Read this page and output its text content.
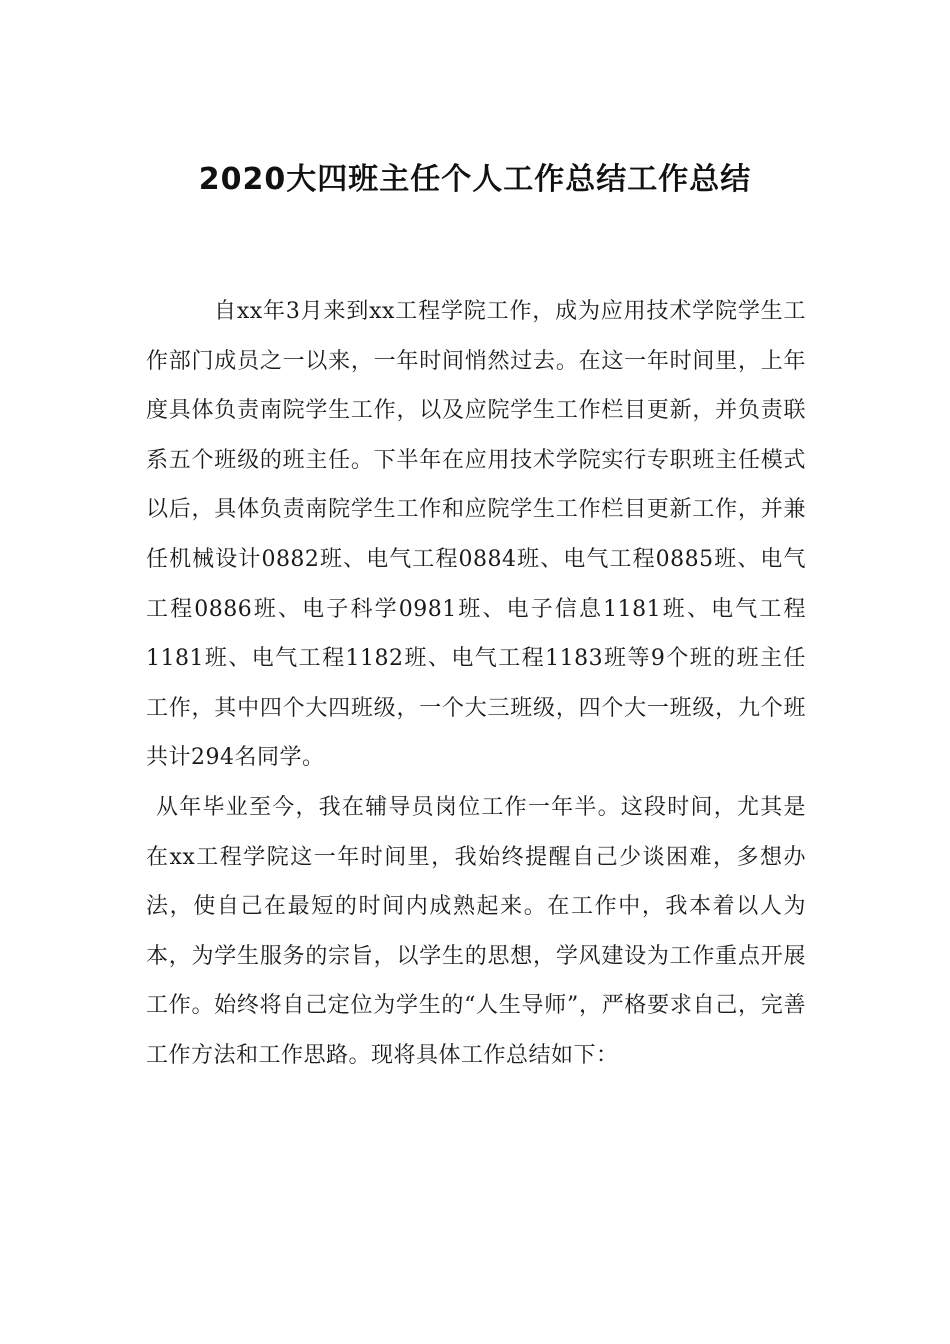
2020大四班主任个人工作总结工作总结

自xx年3月来到xx工程学院工作，成为应用技术学院学生工作部门成员之一以来，一年时间悄然过去。在这一年时间里，上年度具体负责南院学生工作，以及应院学生工作栏目更新，并负责联系五个班级的班主任。下半年在应用技术学院实行专职班主任模式以后，具体负责南院学生工作和应院学生工作栏目更新工作，并兼任机械设计0882班、电气工程0884班、电气工程0885班、电气工程0886班、电子科学0981班、电子信息1181班、电气工程1181班、电气工程1182班、电气工程1183班等9个班的班主任工作，其中四个大四班级，一个大三班级，四个大一班级，九个班共计294名同学。

从年毕业至今，我在辅导员岗位工作一年半。这段时间，尤其是在xx工程学院这一年时间里，我始终提醒自己少谈困难，多想办法，使自己在最短的时间内成熟起来。在工作中，我本着以人为本，为学生服务的宗旨，以学生的思想，学风建设为工作重点开展工作。始终将自己定位为学生的“人生导师”，严格要求自己，完善工作方法和工作思路。现将具体工作总结如下：
